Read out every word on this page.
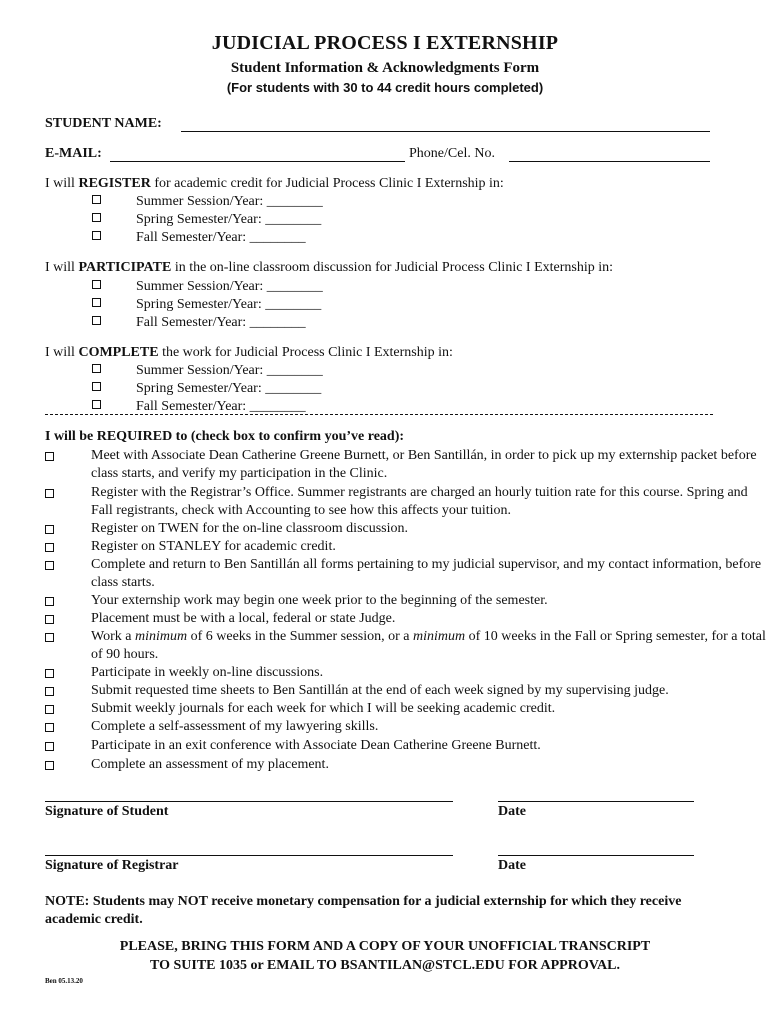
JUDICIAL PROCESS I EXTERNSHIP
Student Information & Acknowledgments Form
(For students with 30 to 44 credit hours completed)
STUDENT NAME:
E-MAIL:	Phone/Cel. No.
I will REGISTER for academic credit for Judicial Process Clinic I Externship in:
Summer Session/Year: ________
Spring Semester/Year: ________
Fall Semester/Year: ________
I will PARTICIPATE in the on-line classroom discussion for Judicial Process Clinic I Externship in:
Summer Session/Year: ________
Spring Semester/Year: ________
Fall Semester/Year: ________
I will COMPLETE the work for Judicial Process Clinic I Externship in:
Summer Session/Year: ________
Spring Semester/Year: ________
Fall Semester/Year: ________
I will be REQUIRED to (check box to confirm you’ve read):
Meet with Associate Dean Catherine Greene Burnett, or Ben Santillán, in order to pick up my externship packet before class starts, and verify my participation in the Clinic.
Register with the Registrar’s Office. Summer registrants are charged an hourly tuition rate for this course. Spring and Fall registrants, check with Accounting to see how this affects your tuition.
Register on TWEN for the on-line classroom discussion.
Register on STANLEY for academic credit.
Complete and return to Ben Santillán all forms pertaining to my judicial supervisor, and my contact information, before class starts.
Your externship work may begin one week prior to the beginning of the semester.
Placement must be with a local, federal or state Judge.
Work a minimum of 6 weeks in the Summer session, or a minimum of 10 weeks in the Fall or Spring semester, for a total of 90 hours.
Participate in weekly on-line discussions.
Submit requested time sheets to Ben Santillán at the end of each week signed by my supervising judge.
Submit weekly journals for each week for which I will be seeking academic credit.
Complete a self-assessment of my lawyering skills.
Participate in an exit conference with Associate Dean Catherine Greene Burnett.
Complete an assessment of my placement.
Signature of Student	Date
Signature of Registrar	Date
NOTE: Students may NOT receive monetary compensation for a judicial externship for which they receive academic credit.
PLEASE, BRING THIS FORM AND A COPY OF YOUR UNOFFICIAL TRANSCRIPT
TO SUITE 1035 or EMAIL TO BSANTILAN@STCL.EDU FOR APPROVAL.
Ben 05.13.20
